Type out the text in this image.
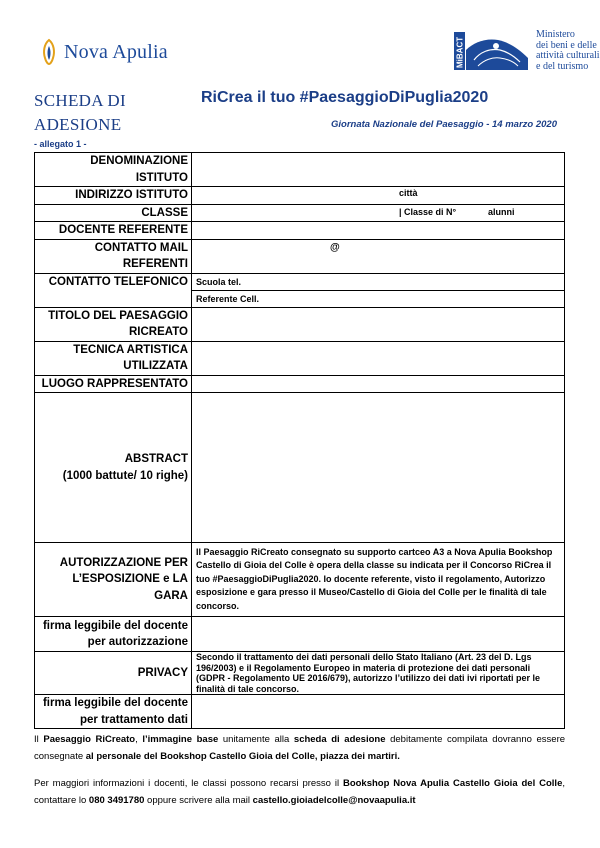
Nova Apulia	MiBACT
Ministero
dei beni e delle
attività culturali
e del turismo
SCHEDA DI
ADESIONE
RiCrea il tuo #PaesaggioDiPuglia2020
Giornata Nazionale del Paesaggio - 14 marzo 2020
- allegato 1 -
DENOMINAZIONE ISTITUTO	
INDIRIZZO ISTITUTO	città

CLASSE	| Classe di N° alunni

DOCENTE REFERENTE	
CONTATTO MAIL REFERENTI	@

CONTATTO TELEFONICO	Scuola tel.
	Referente Cell.
TITOLO DEL PAESAGGIO RICREATO	
TECNICA ARTISTICA UTILIZZATA	
LUOGO RAPPRESENTATO	

ABSTRACT
(1000 battute/ 10 righe)	

AUTORIZZAZIONE PER L’ESPOSIZIONE e LA GARA	Il Paesaggio RiCreato consegnato su supporto cartceo A3 a Nova Apulia Bookshop Castello di Gioia del Colle è opera della classe su indicata per il Concorso RiCrea il tuo #PaesaggioDiPuglia2020. Io docente referente, visto il regolamento, Autorizzo esposizione e gara presso il Museo/Castello di Gioia del Colle per le finalità di tale concorso.
firma leggibile del docente per autorizzazione	
PRIVACY	Secondo il trattamento dei dati personali dello Stato Italiano (Art. 23 del D. Lgs 196/2003) e il Regolamento Europeo in materia di protezione dei dati personali (GDPR - Regolamento UE 2016/679), autorizzo l’utilizzo dei dati ivi riportati per le finalità di tale concorso.
firma leggibile del docente per trattamento dati	
Il Paesaggio RiCreato, l’immagine base unitamente alla scheda di adesione debitamente compilata dovranno essere consegnate al personale del Bookshop Castello Gioia del Colle, piazza dei martiri.
Per maggiori informazioni i docenti, le classi possono recarsi presso il Bookshop Nova Apulia Castello Gioia del Colle, contattare lo 080 3491780 oppure scrivere alla mail castello.gioiadelcolle@novaapulia.it
